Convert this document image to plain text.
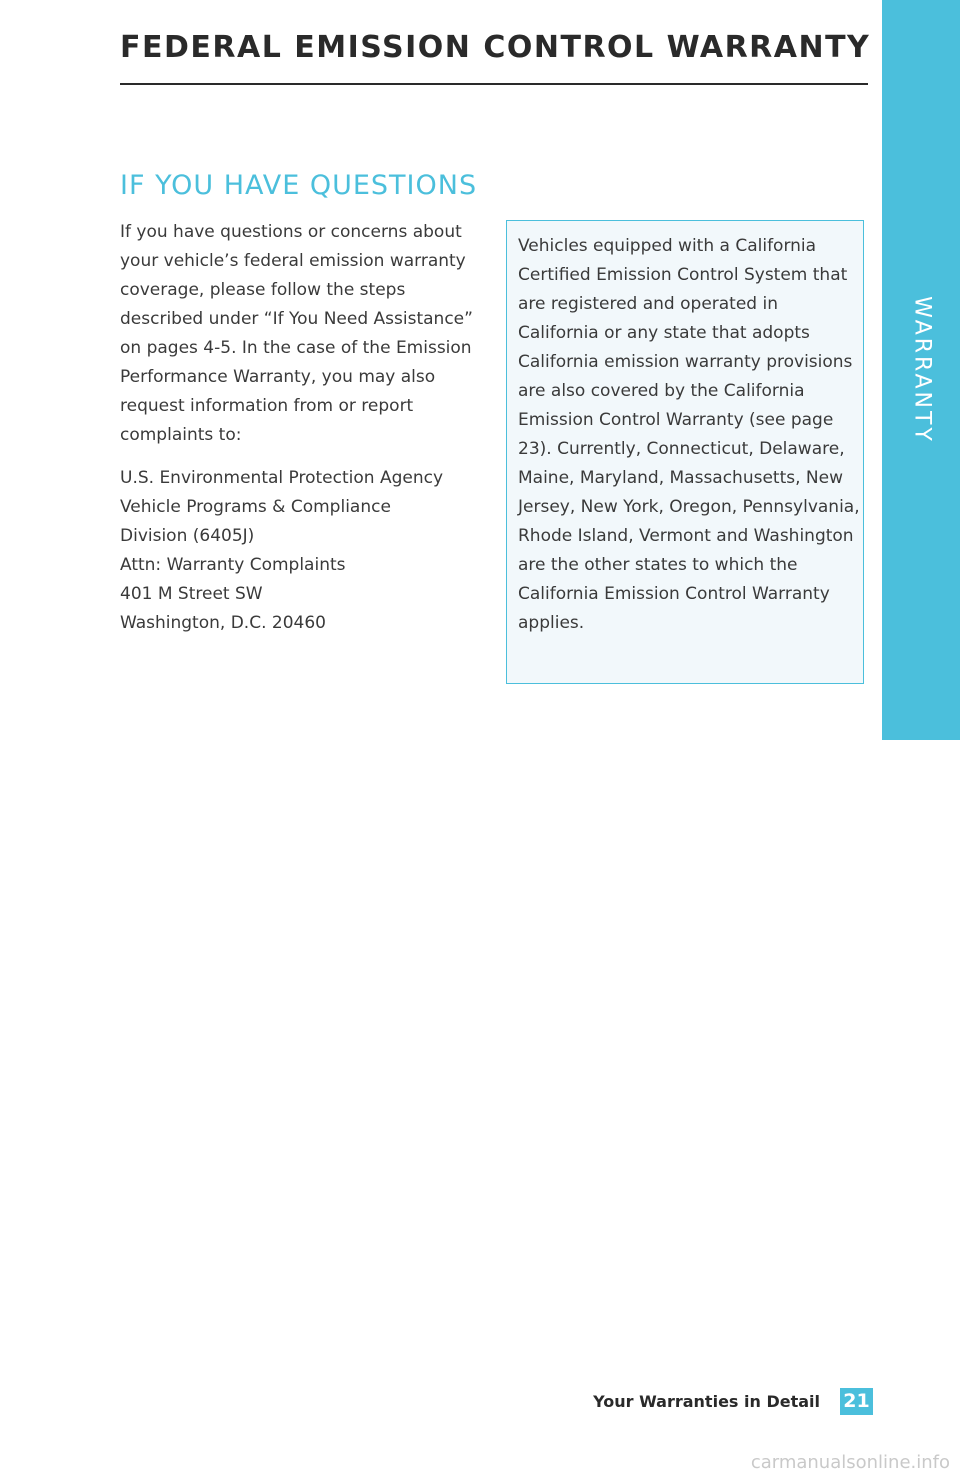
WARRANTY
FEDERAL EMISSION CONTROL WARRANTY
IF YOU HAVE QUESTIONS
If you have questions or concerns about your vehicle’s federal emission warranty coverage, please follow the steps described under “If You Need Assistance” on pages 4-5. In the case of the Emission Performance Warranty, you may also request information from or report complaints to:
U.S. Environmental Protection Agency
Vehicle Programs & Compliance
Division (6405J)
Attn: Warranty Complaints
401 M Street SW
Washington, D.C. 20460
Vehicles equipped with a California Certified Emission Control System that are registered and operated in California or any state that adopts California emission warranty provisions are also covered by the California Emission Control Warranty (see page 23). Currently, Connecticut, Delaware, Maine, Maryland, Massachusetts, New Jersey, New York, Oregon, Pennsylvania, Rhode Island, Vermont and Washington are the other states to which the California Emission Control Warranty applies.
Your Warranties in Detail 21
carmanualsonline.info
